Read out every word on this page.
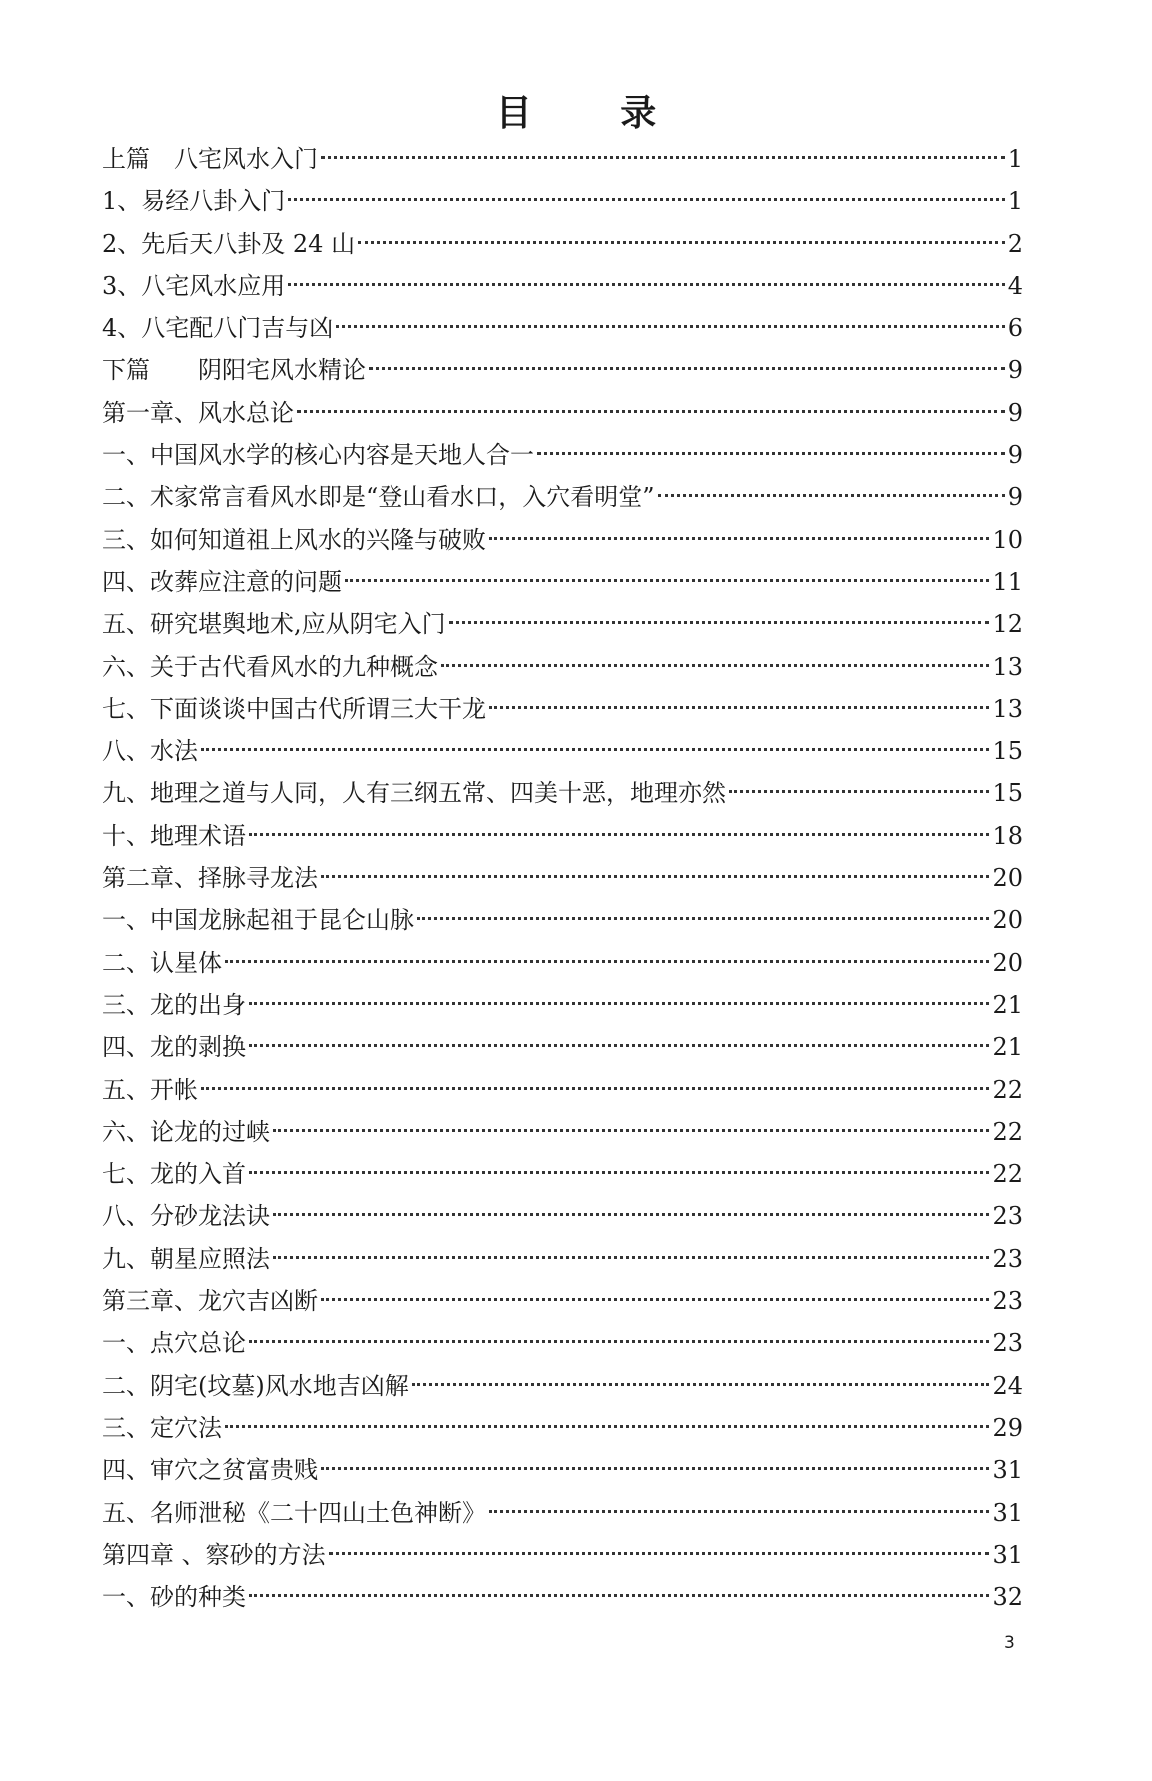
目 录
上篇　八宅风水入门	1
1、易经八卦入门	1
2、先后天八卦及 24 山	2
3、八宅风水应用	4
4、八宅配八门吉与凶	6
下篇　　阴阳宅风水精论	9
第一章、风水总论	9
一、中国风水学的核心内容是天地人合一	9
二、术家常言看风水即是“登山看水口，入穴看明堂”	9
三、如何知道祖上风水的兴隆与破败	10
四、改葬应注意的问题	11
五、研究堪舆地术,应从阴宅入门	12
六、关于古代看风水的九种概念	13
七、下面谈谈中国古代所谓三大干龙	13
八、水法	15
九、地理之道与人同，人有三纲五常、四美十恶，地理亦然	15
十、地理术语	18
第二章、择脉寻龙法	20
一、中国龙脉起祖于昆仑山脉	20
二、认星体	20
三、龙的出身	21
四、龙的剥换	21
五、开帐	22
六、论龙的过峡	22
七、龙的入首	22
八、分砂龙法诀	23
九、朝星应照法	23
第三章、龙穴吉凶断	23
一、点穴总论	23
二、阴宅(坟墓)风水地吉凶解	24
三、定穴法	29
四、审穴之贫富贵贱	31
五、名师泄秘《二十四山土色神断》	31
第四章 、察砂的方法	31
一、砂的种类	32
3
